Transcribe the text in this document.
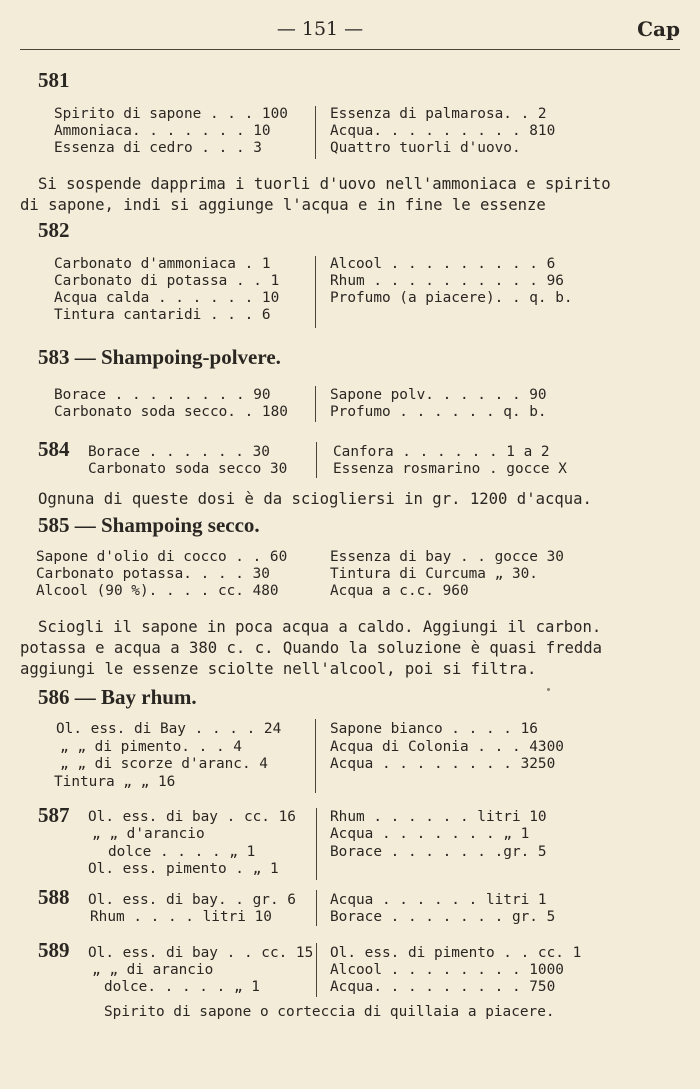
— 151 —	Cap
581
Spirito di sapone . . . 100
Ammoniaca. . . . . . . 10
Essenza di cedro . . . 3
Essenza di palmarosa. . 2
Acqua. . . . . . . . . 810
Quattro tuorli d'uovo.
Si sospende dapprima i tuorli d'uovo nell'ammoniaca e spirito
di sapone, indi si aggiunge l'acqua e in fine le essenze
582
Carbonato d'ammoniaca . 1
Carbonato di potassa . . 1
Acqua calda . . . . . . 10
Tintura cantaridi . . . 6
Alcool . . . . . . . . . 6
Rhum . . . . . . . . . . 96
Profumo (a piacere). . q. b.
583 — Shampoing-polvere.
Borace . . . . . . . . 90
Carbonato soda secco. . 180
Sapone polv. . . . . . 90
Profumo . . . . . . q. b.
584 Borace . . . . . . 30
Carbonato soda secco 30
Canfora . . . . . . 1 a 2
Essenza rosmarino . gocce X
Ognuna di queste dosi è da sciogliersi in gr. 1200 d'acqua.
585 — Shampoing secco.
Sapone d'olio di cocco . . 60
Carbonato potassa. . . . 30
Alcool (90 %). . . . cc. 480
Essenza di bay . . gocce 30
Tintura di Curcuma „ 30.
Acqua a c.c. 960
Sciogli il sapone in poca acqua a caldo. Aggiungi il carbon.
potassa e acqua a 380 c. c. Quando la soluzione è quasi fredda
aggiungi le essenze sciolte nell'alcool, poi si filtra.
586 — Bay rhum.
Ol. ess. di Bay . . . . 24
„ „ di pimento. . . 4
„ „ di scorze d'aranc. 4
Tintura „ „ 16
Sapone bianco . . . . 16
Acqua di Colonia . . . 4300
Acqua . . . . . . . . 3250
587 Ol. ess. di bay . cc. 16
„ „ d'arancio
dolce . . . . „ 1
Ol. ess. pimento . „ 1
Rhum . . . . . . litri 10
Acqua . . . . . . . „ 1
Borace . . . . . . .gr. 5
588 Ol. ess. di bay. . gr. 6
Rhum . . . . litri 10
Acqua . . . . . . litri 1
Borace . . . . . . . gr. 5
589 Ol. ess. di bay . . cc. 15
„ „ di arancio
dolce. . . . . „ 1
Ol. ess. di pimento . . cc. 1
Alcool . . . . . . . . 1000
Acqua. . . . . . . . . 750
Spirito di sapone o corteccia di quillaia a piacere.
